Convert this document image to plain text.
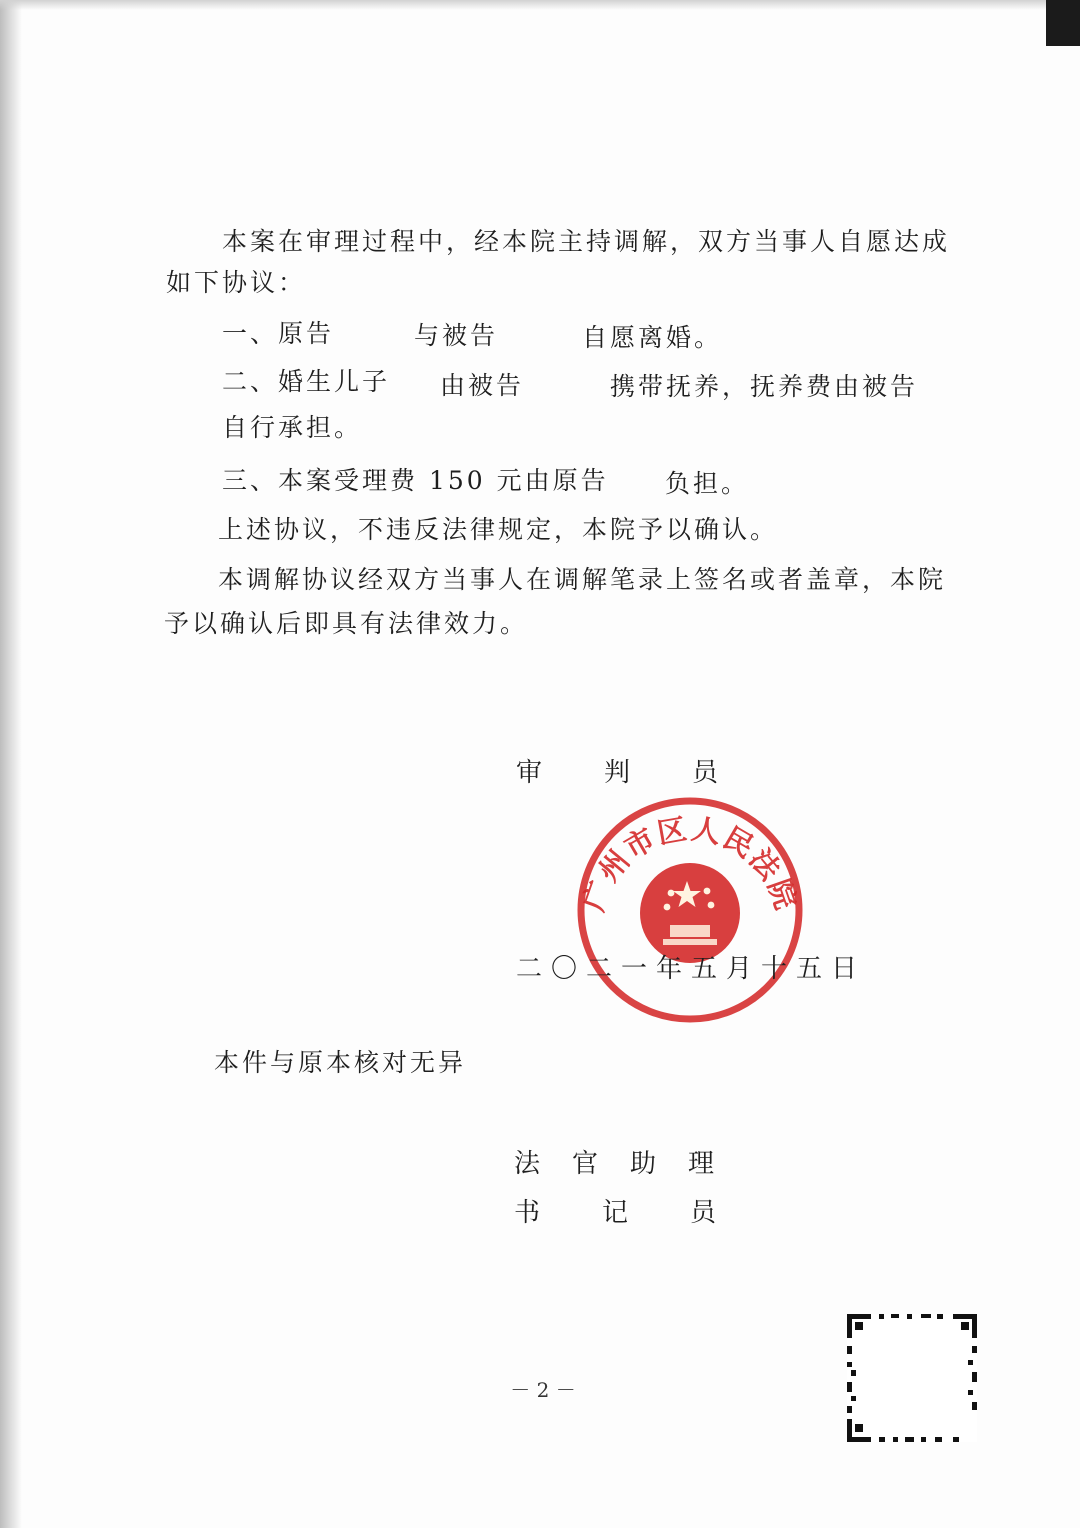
本案在审理过程中，经本院主持调解，双方当事人自愿达成
如下协议：
一、原告	与被告	自愿离婚。
二、婚生儿子 由被告	携带抚养，抚养费由被告
自行承担。
三、本案受理费 150 元由原告 负担。
上述协议，不违反法律规定，本院予以确认。
本调解协议经双方当事人在调解笔录上签名或者盖章，本院
予以确认后即具有法律效力。
审判员
广州市区人民法院
二〇二一年五月十五日
本件与原本核对无异
法官助理
书记员
－ 2 －
